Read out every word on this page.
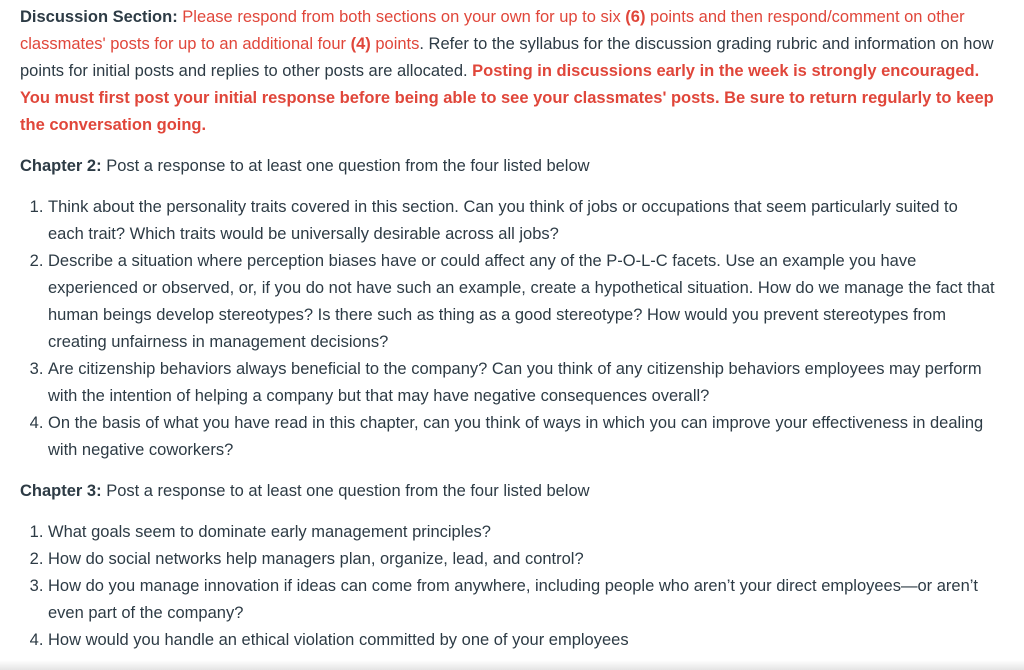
Discussion Section: Please respond from both sections on your own for up to six (6) points and then respond/comment on other classmates' posts for up to an additional four (4) points. Refer to the syllabus for the discussion grading rubric and information on how points for initial posts and replies to other posts are allocated. Posting in discussions early in the week is strongly encouraged. You must first post your initial response before being able to see your classmates' posts. Be sure to return regularly to keep the conversation going.

Chapter 2: Post a response to at least one question from the four listed below

1. Think about the personality traits covered in this section. Can you think of jobs or occupations that seem particularly suited to each trait? Which traits would be universally desirable across all jobs?
2. Describe a situation where perception biases have or could affect any of the P-O-L-C facets. Use an example you have experienced or observed, or, if you do not have such an example, create a hypothetical situation. How do we manage the fact that human beings develop stereotypes? Is there such as thing as a good stereotype? How would you prevent stereotypes from creating unfairness in management decisions?
3. Are citizenship behaviors always beneficial to the company? Can you think of any citizenship behaviors employees may perform with the intention of helping a company but that may have negative consequences overall?
4. On the basis of what you have read in this chapter, can you think of ways in which you can improve your effectiveness in dealing with negative coworkers?

Chapter 3: Post a response to at least one question from the four listed below

1. What goals seem to dominate early management principles?
2. How do social networks help managers plan, organize, lead, and control?
3. How do you manage innovation if ideas can come from anywhere, including people who aren’t your direct employees—or aren’t even part of the company?
4. How would you handle an ethical violation committed by one of your employees
